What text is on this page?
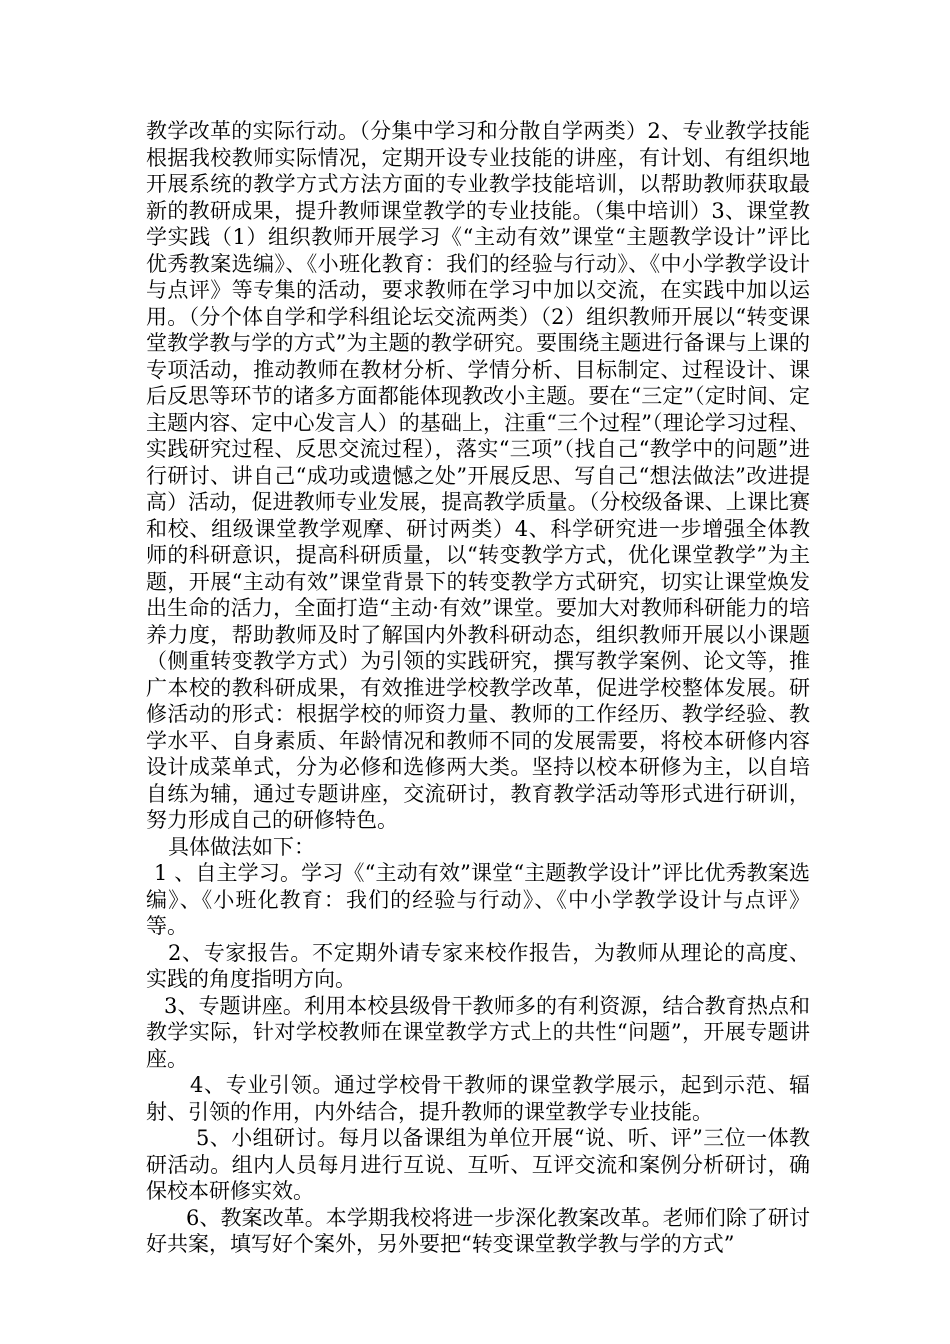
教学改革的实际行动。（分集中学习和分散自学两类）2、专业教学技能根据我校教师实际情况，定期开设专业技能的讲座，有计划、有组织地开展系统的教学方式方法方面的专业教学技能培训，以帮助教师获取最新的教研成果，提升教师课堂教学的专业技能。（集中培训）3、课堂教学实践（1）组织教师开展学习《“主动有效”课堂“主题教学设计”评比优秀教案选编》、《小班化教育：我们的经验与行动》、《中小学教学设计与点评》等专集的活动，要求教师在学习中加以交流，在实践中加以运用。（分个体自学和学科组论坛交流两类）（2）组织教师开展以“转变课堂教学教与学的方式”为主题的教学研究。要围绕主题进行备课与上课的专项活动，推动教师在教材分析、学情分析、目标制定、过程设计、课后反思等环节的诸多方面都能体现教改小主题。要在“三定”（定时间、定主题内容、定中心发言人）的基础上，注重“三个过程”（理论学习过程、实践研究过程、反思交流过程），落实“三项”（找自己“教学中的问题”进行研讨、讲自己“成功或遗憾之处”开展反思、写自己“想法做法”改进提高）活动，促进教师专业发展，提高教学质量。（分校级备课、上课比赛和校、组级课堂教学观摩、研讨两类）4、科学研究进一步增强全体教师的科研意识，提高科研质量，以“转变教学方式，优化课堂教学”为主题，开展“主动有效”课堂背景下的转变教学方式研究，切实让课堂焕发出生命的活力，全面打造“主动·有效”课堂。要加大对教师科研能力的培养力度，帮助教师及时了解国内外教科研动态，组织教师开展以小课题（侧重转变教学方式）为引领的实践研究，撰写教学案例、论文等，推广本校的教科研成果，有效推进学校教学改革，促进学校整体发展。研修活动的形式：根据学校的师资力量、教师的工作经历、教学经验、教学水平、自身素质、年龄情况和教师不同的发展需要，将校本研修内容设计成菜单式，分为必修和选修两大类。坚持以校本研修为主，以自培自练为辅，通过专题讲座，交流研讨，教育教学活动等形式进行研训，努力形成自己的研修特色。

具体做法如下：

1 、自主学习。学习《“主动有效”课堂“主题教学设计”评比优秀教案选编》、《小班化教育：我们的经验与行动》、《中小学教学设计与点评》等。

2、专家报告。不定期外请专家来校作报告，为教师从理论的高度、实践的角度指明方向。

3、专题讲座。利用本校县级骨干教师多的有利资源，结合教育热点和教学实际，针对学校教师在课堂教学方式上的共性“问题”，开展专题讲座。

4、专业引领。通过学校骨干教师的课堂教学展示，起到示范、辐射、引领的作用，内外结合，提升教师的课堂教学专业技能。

5、小组研讨。每月以备课组为单位开展“说、听、评”三位一体教研活动。组内人员每月进行互说、互听、互评交流和案例分析研讨，确保校本研修实效。

6、教案改革。本学期我校将进一步深化教案改革。老师们除了研讨好共案，填写好个案外，另外要把“转变课堂教学教与学的方式”
